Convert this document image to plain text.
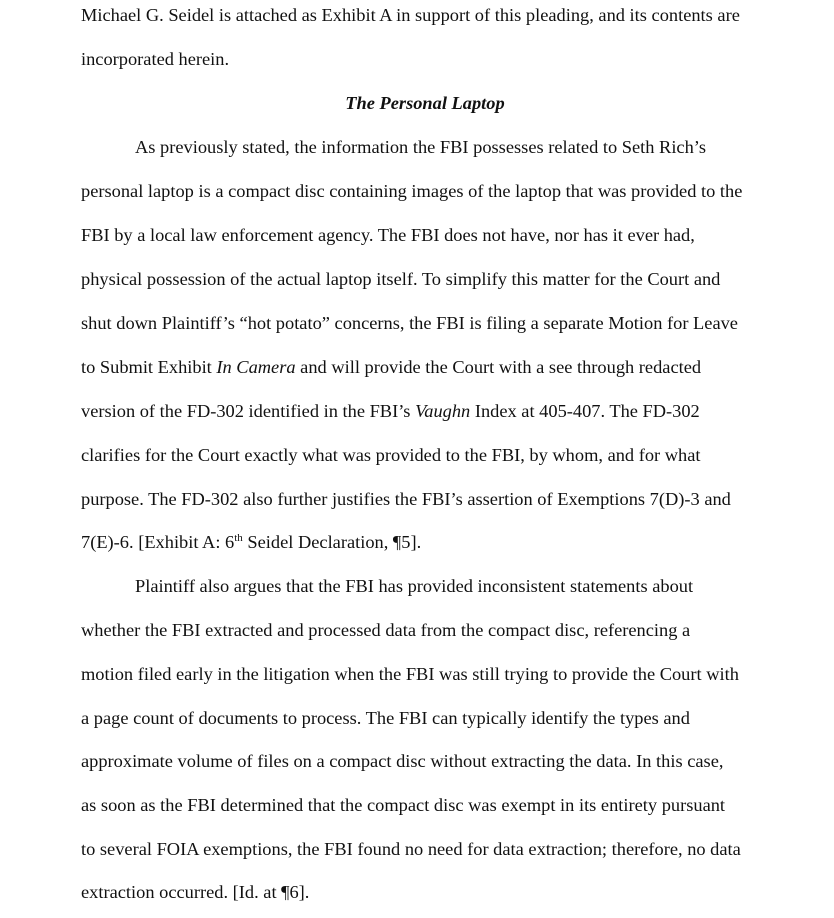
Michael G. Seidel is attached as Exhibit A in support of this pleading, and its contents are
incorporated herein.
The Personal Laptop
As previously stated, the information the FBI possesses related to Seth Rich’s
personal laptop is a compact disc containing images of the laptop that was provided to the
FBI by a local law enforcement agency. The FBI does not have, nor has it ever had,
physical possession of the actual laptop itself. To simplify this matter for the Court and
shut down Plaintiff’s “hot potato” concerns, the FBI is filing a separate Motion for Leave
to Submit Exhibit In Camera and will provide the Court with a see through redacted
version of the FD-302 identified in the FBI’s Vaughn Index at 405-407. The FD-302
clarifies for the Court exactly what was provided to the FBI, by whom, and for what
purpose. The FD-302 also further justifies the FBI’s assertion of Exemptions 7(D)-3 and
7(E)-6. [Exhibit A: 6th Seidel Declaration, ¶5].
Plaintiff also argues that the FBI has provided inconsistent statements about
whether the FBI extracted and processed data from the compact disc, referencing a
motion filed early in the litigation when the FBI was still trying to provide the Court with
a page count of documents to process. The FBI can typically identify the types and
approximate volume of files on a compact disc without extracting the data. In this case,
as soon as the FBI determined that the compact disc was exempt in its entirety pursuant
to several FOIA exemptions, the FBI found no need for data extraction; therefore, no data
extraction occurred. [Id. at ¶6].
